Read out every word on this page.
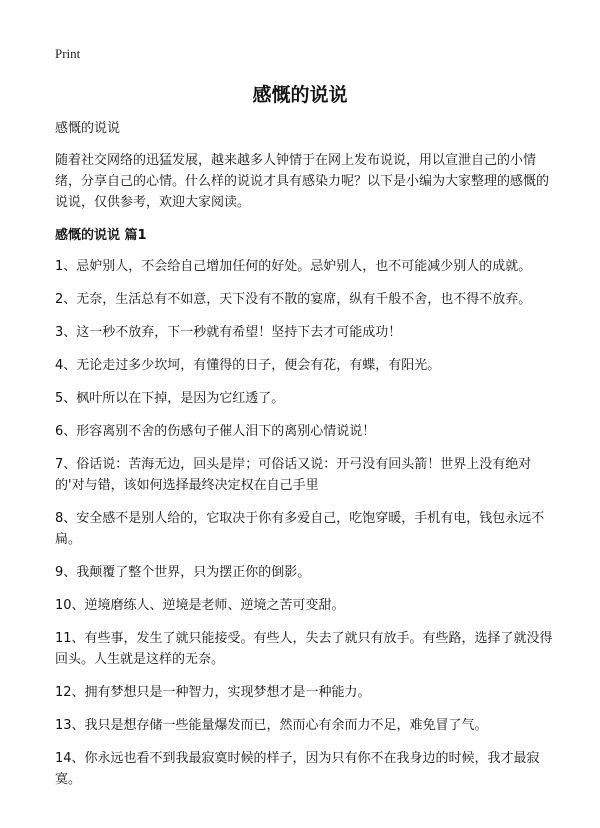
Print
感慨的说说

感慨的说说

随着社交网络的迅猛发展，越来越多人钟情于在网上发布说说，用以宣泄自己的小情绪，分享自己的心情。什么样的说说才具有感染力呢？以下是小编为大家整理的感慨的说说，仅供参考，欢迎大家阅读。

感慨的说说 篇1

1、忌妒别人，不会给自己增加任何的好处。忌妒别人，也不可能减少别人的成就。

2、无奈，生活总有不如意，天下没有不散的宴席，纵有千般不舍，也不得不放弃。

3、这一秒不放弃，下一秒就有希望！坚持下去才可能成功！

4、无论走过多少坎坷，有懂得的日子，便会有花，有蝶，有阳光。

5、枫叶所以在下掉，是因为它红透了。

6、形容离别不舍的伤感句子催人泪下的离别心情说说！

7、俗话说：苦海无边，回头是岸；可俗话又说：开弓没有回头箭！世界上没有绝对的'对与错，该如何选择最终决定权在自己手里

8、安全感不是别人给的，它取决于你有多爱自己，吃饱穿暖，手机有电，钱包永远不扁。

9、我颠覆了整个世界，只为摆正你的倒影。

10、逆境磨练人、逆境是老师、逆境之苦可变甜。

11、有些事，发生了就只能接受。有些人，失去了就只有放手。有些路，选择了就没得回头。人生就是这样的无奈。

12、拥有梦想只是一种智力，实现梦想才是一种能力。

13、我只是想存储一些能量爆发而已，然而心有余而力不足，难免冒了气。

14、你永远也看不到我最寂寞时候的样子，因为只有你不在我身边的时候，我才最寂寞。
